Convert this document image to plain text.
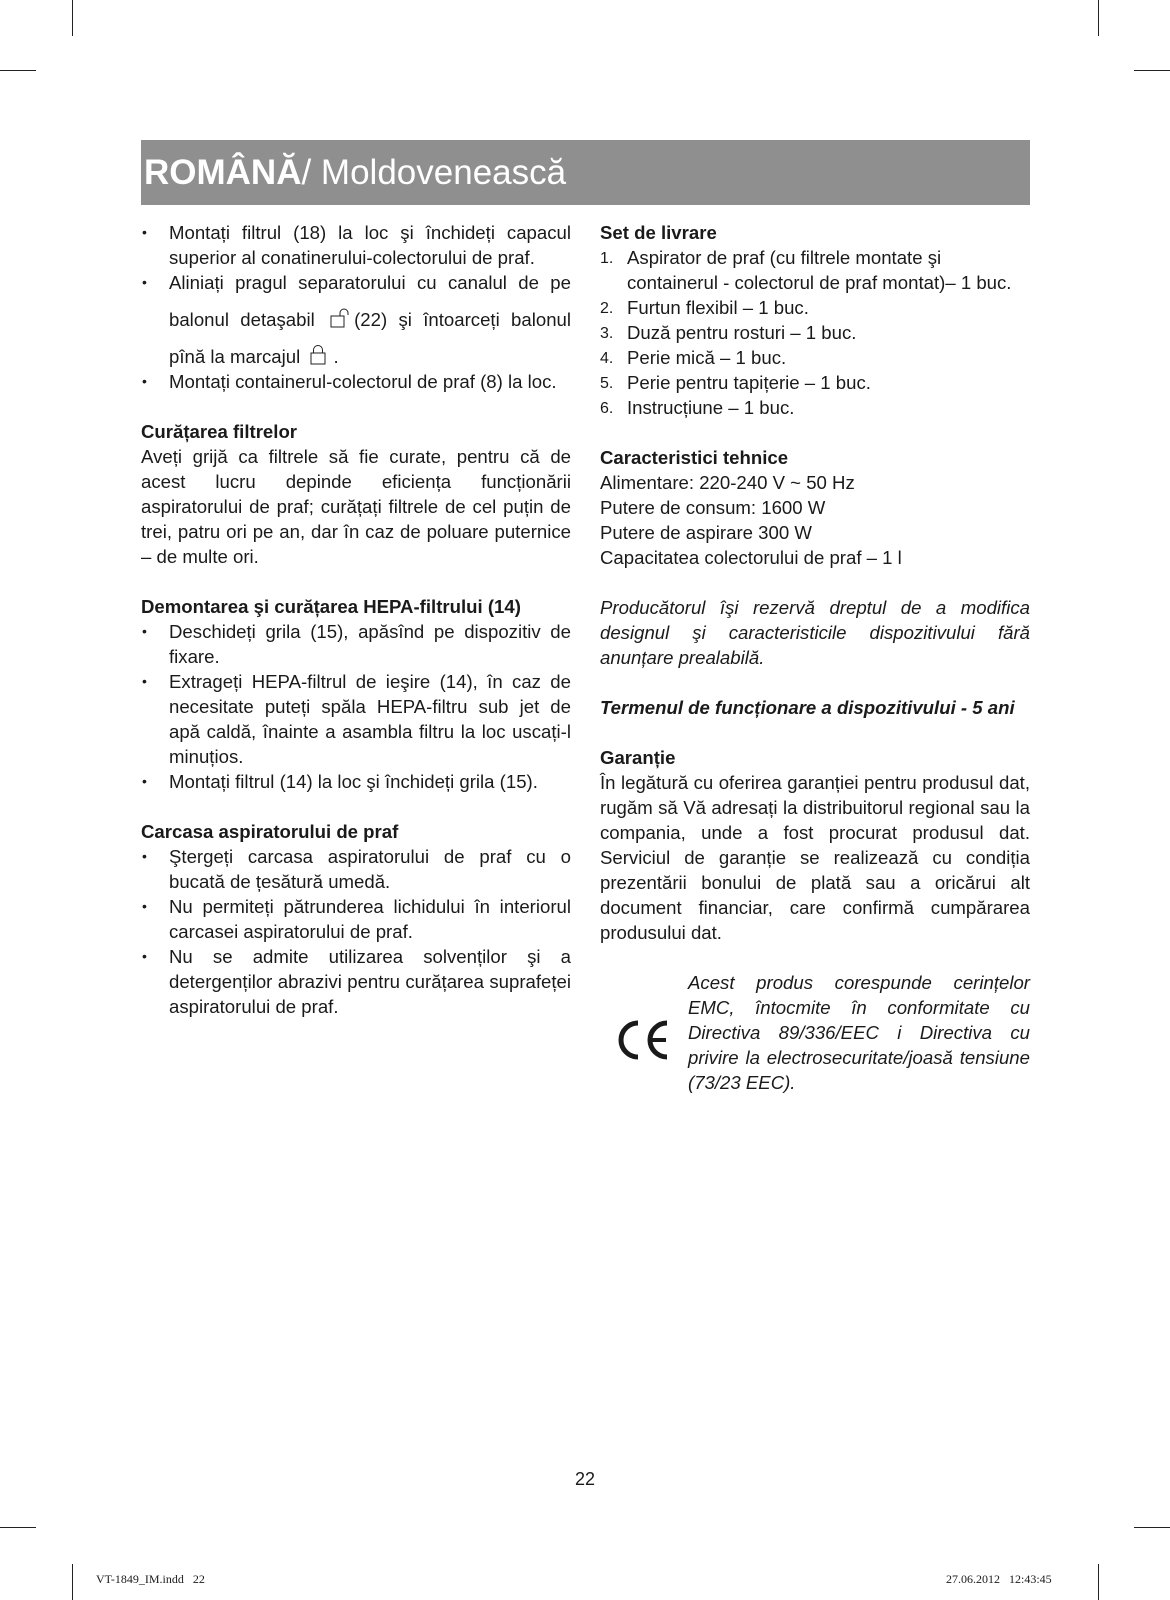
ROMÂNĂ / Moldovenească
• Montați filtrul (18) la loc şi închideți capacul superior al conatinerului-colectorului de praf.
• Aliniați pragul separatorului cu canalul de pe balonul detaşabil (22) şi întoarceți balonul pînă la marcajul .
• Montați containerul-colectorul de praf (8) la loc.

Curățarea filtrelor

Aveți grijă ca filtrele să fie curate, pentru că de acest lucru depinde eficiența funcționării aspiratorului de praf; curățați filtrele de cel puțin de trei, patru ori pe an, dar în caz de poluare puternice – de multe ori.

Demontarea şi curățarea HEPA-filtrului (14)

• Deschideți grila (15), apăsînd pe dispozitiv de fixare.
• Extrageți HEPA-filtrul de ieşire (14), în caz de necesitate puteți spăla HEPA-filtru sub jet de apă caldă, înainte a asambla filtru la loc uscați-l minuțios.
• Montați filtrul (14) la loc şi închideți grila (15).

Carcasa aspiratorului de praf

• Ştergeți carcasa aspiratorului de praf cu o bucată de țesătură umedă.
• Nu permiteți pătrunderea lichidului în interiorul carcasei aspiratorului de praf.
• Nu se admite utilizarea solvenților şi a detergenților abrazivi pentru curățarea suprafeței aspiratorului de praf.

Set de livrare

1. Aspirator de praf (cu filtrele montate şi containerul - colectorul de praf montat)– 1 buc.
2. Furtun flexibil – 1 buc.
3. Duză pentru rosturi – 1 buc.
4. Perie mică – 1 buc.
5. Perie pentru tapițerie – 1 buc.
6. Instrucțiune – 1 buc.

Caracteristici tehnice

Alimentare: 220-240 V ~ 50 Hz

Putere de consum: 1600 W

Putere de aspirare 300 W

Capacitatea colectorului de praf – 1 l

Producătorul îşi rezervă dreptul de a modifica designul şi caracteristicile dispozitivului fără anunțare prealabilă.

Termenul de funcționare a dispozitivului - 5 ani

Garanție

În legătură cu oferirea garanției pentru produsul dat, rugăm să Vă adresați la distribuitorul regional sau la compania, unde a fost procurat produsul dat. Serviciul de garanție se realizează cu condiția prezentării bonului de plată sau a oricărui alt document financiar, care confirmă cumpărarea produsului dat.

Acest produs corespunde cerințelor EMC, întocmite în conformitate cu Directiva 89/336/EEC i Directiva cu privire la electrosecuritate/joasă tensiune (73/23 EEC).

22
VT-1849_IM.indd   22	27.06.2012   12:43:45
